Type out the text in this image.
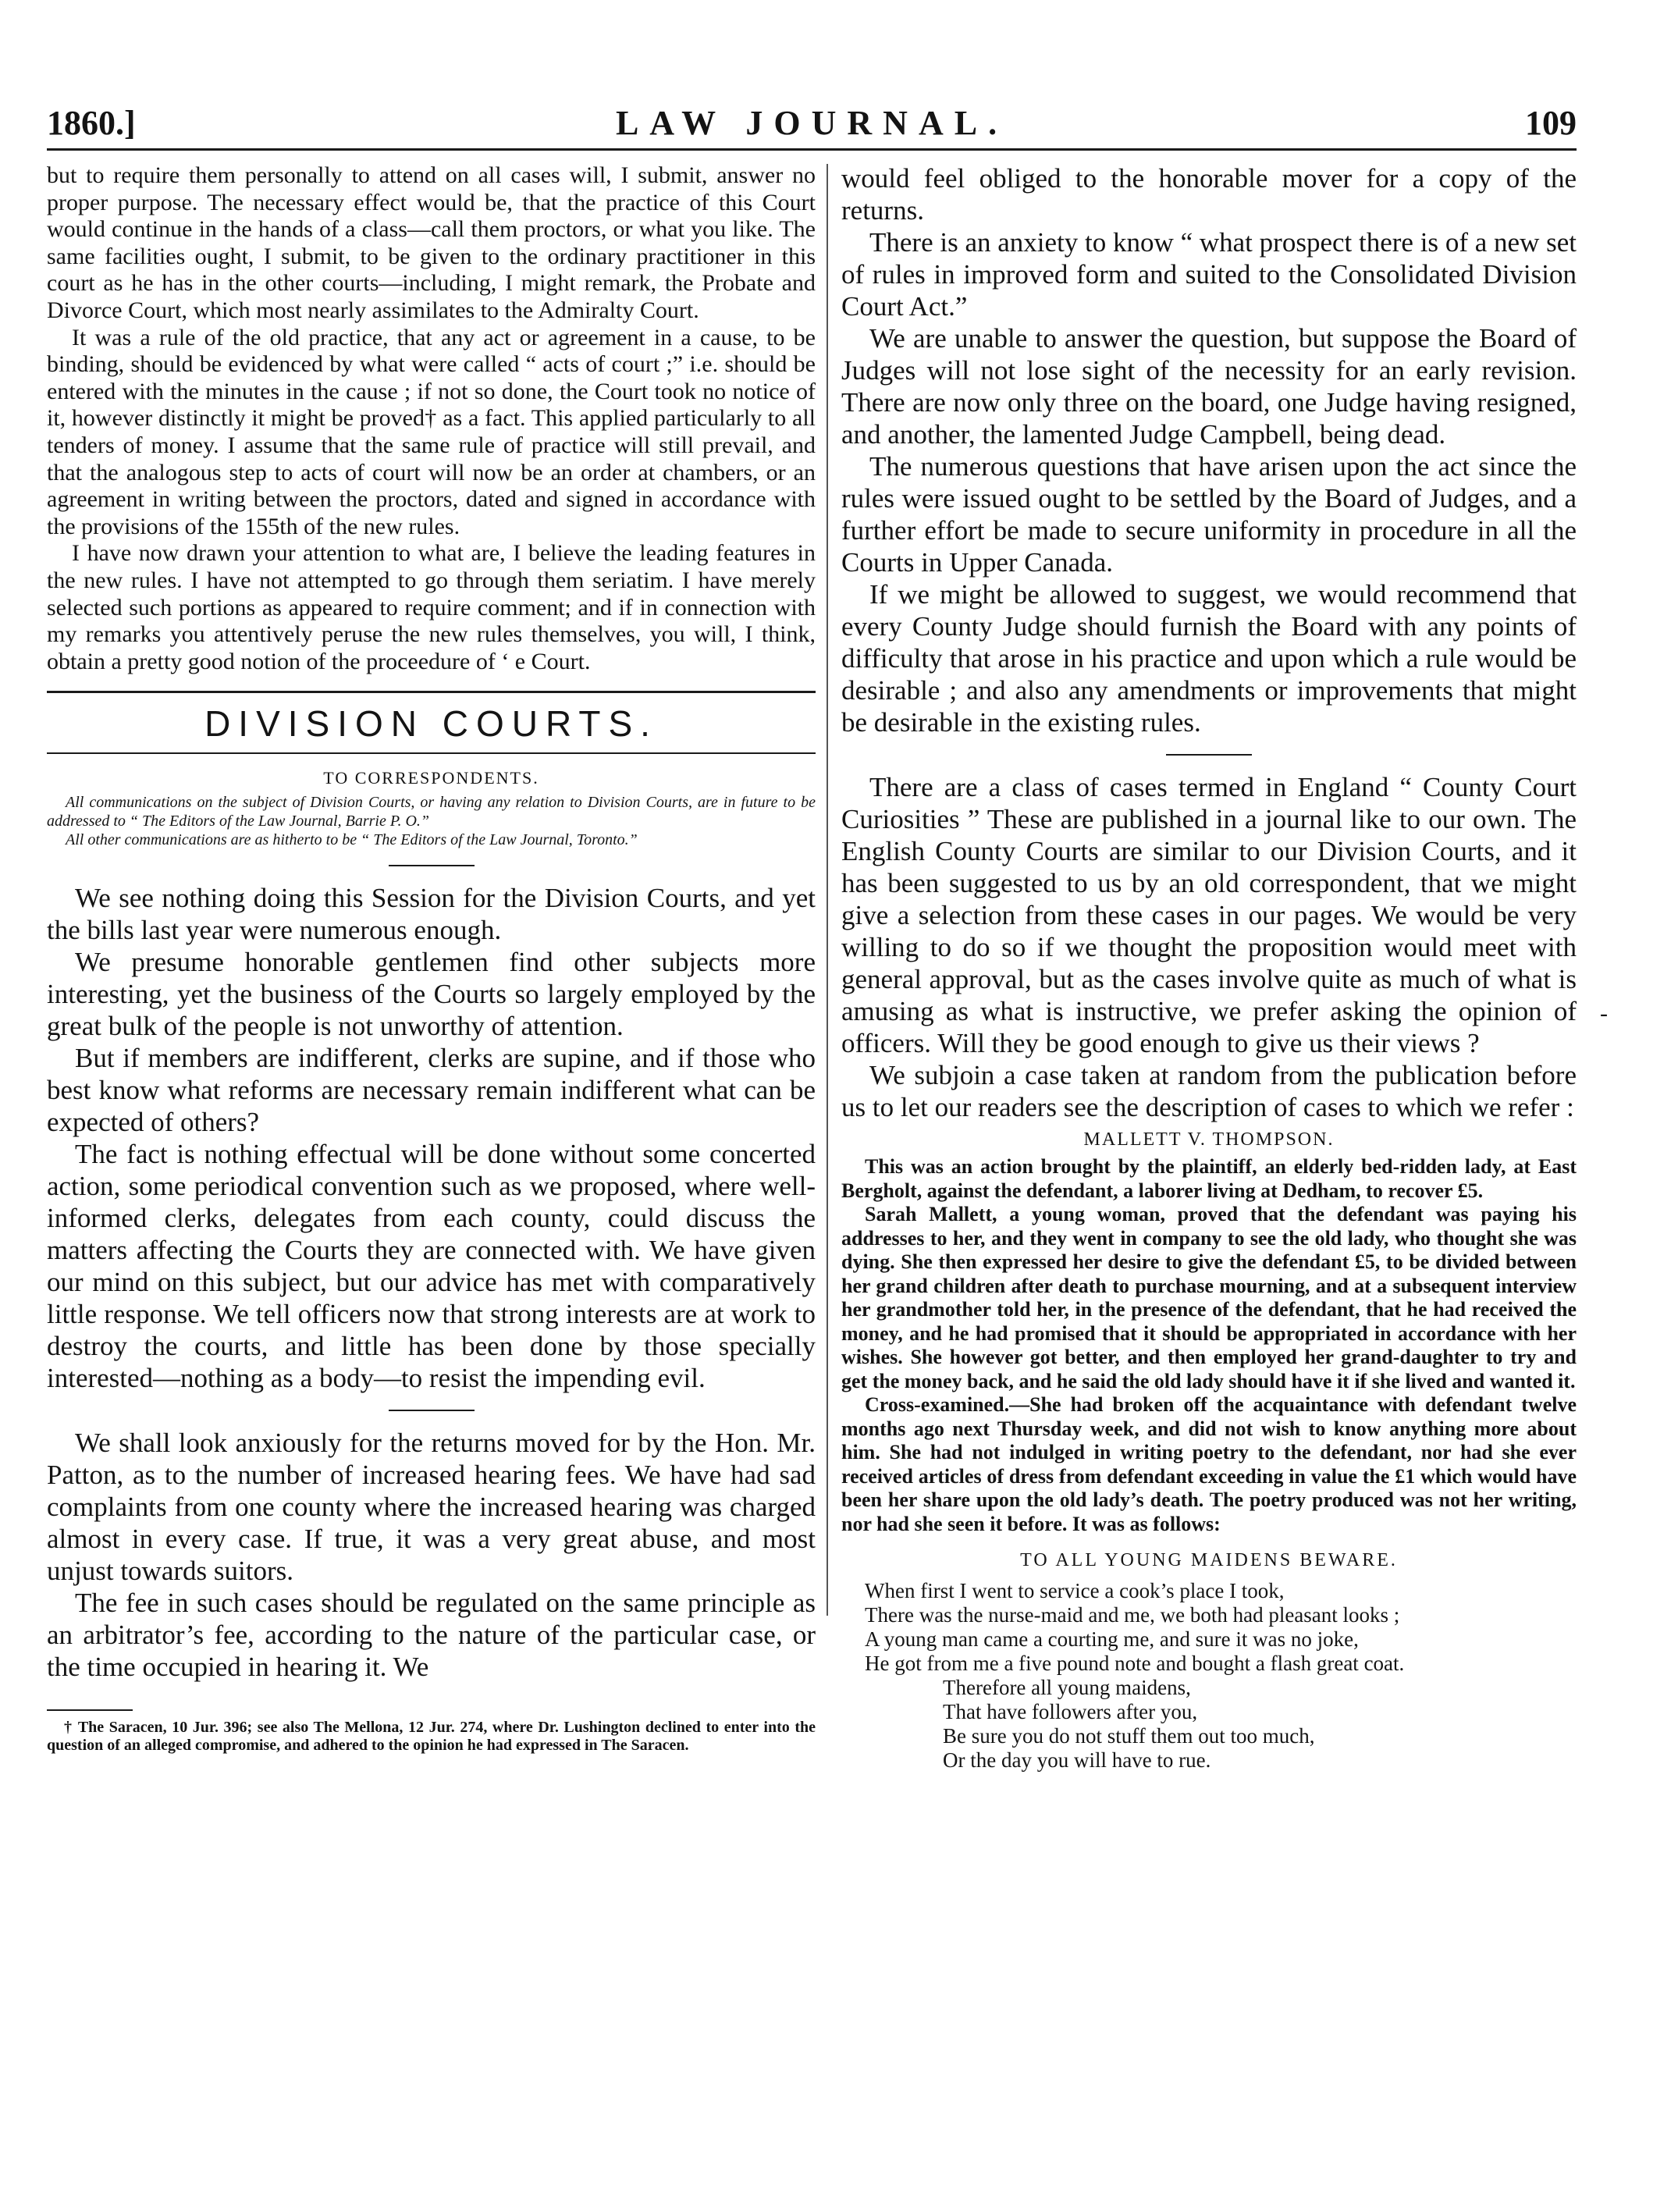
1860.]	LAW JOURNAL.	109

but to require them personally to attend on all cases will, I submit, answer no proper purpose. The necessary effect would be, that the practice of this Court would continue in the hands of a class—call them proctors, or what you like. The same facilities ought, I submit, to be given to the ordinary practitioner in this court as he has in the other courts—including, I might remark, the Probate and Divorce Court, which most nearly assimilates to the Admiralty Court.

It was a rule of the old practice, that any act or agreement in a cause, to be binding, should be evidenced by what were called “ acts of court ;” i.e. should be entered with the minutes in the cause ; if not so done, the Court took no notice of it, however distinctly it might be proved† as a fact. This applied particularly to all tenders of money. I assume that the same rule of practice will still prevail, and that the analogous step to acts of court will now be an order at chambers, or an agreement in writing between the proctors, dated and signed in accordance with the provisions of the 155th of the new rules.

I have now drawn your attention to what are, I believe the leading features in the new rules. I have not attempted to go through them seriatim. I have merely selected such portions as appeared to require comment; and if in connection with my remarks you attentively peruse the new rules themselves, you will, I think, obtain a pretty good notion of the proceedure of ‘ e Court.

DIVISION COURTS.
TO CORRESPONDENTS.

All communications on the subject of Division Courts, or having any relation to Division Courts, are in future to be addressed to “ The Editors of the Law Journal, Barrie P. O.”

All other communications are as hitherto to be “ The Editors of the Law Journal, Toronto.”

We see nothing doing this Session for the Division Courts, and yet the bills last year were numerous enough.

We presume honorable gentlemen find other subjects more interesting, yet the business of the Courts so largely employed by the great bulk of the people is not unworthy of attention.

But if members are indifferent, clerks are supine, and if those who best know what reforms are necessary remain indifferent what can be expected of others?

The fact is nothing effectual will be done without some concerted action, some periodical convention such as we proposed, where well-informed clerks, delegates from each county, could discuss the matters affecting the Courts they are connected with. We have given our mind on this subject, but our advice has met with comparatively little response. We tell officers now that strong interests are at work to destroy the courts, and little has been done by those specially interested—nothing as a body—to resist the impending evil.

We shall look anxiously for the returns moved for by the Hon. Mr. Patton, as to the number of increased hearing fees. We have had sad complaints from one county where the increased hearing was charged almost in every case. If true, it was a very great abuse, and most unjust towards suitors.

The fee in such cases should be regulated on the same principle as an arbitrator’s fee, according to the nature of the particular case, or the time occupied in hearing it. We

† The Saracen, 10 Jur. 396; see also The Mellona, 12 Jur. 274, where Dr. Lushington declined to enter into the question of an alleged compromise, and adhered to the opinion he had expressed in The Saracen.

would feel obliged to the honorable mover for a copy of the returns.

There is an anxiety to know “ what prospect there is of a new set of rules in improved form and suited to the Consolidated Division Court Act.”

We are unable to answer the question, but suppose the Board of Judges will not lose sight of the necessity for an early revision. There are now only three on the board, one Judge having resigned, and another, the lamented Judge Campbell, being dead.

The numerous questions that have arisen upon the act since the rules were issued ought to be settled by the Board of Judges, and a further effort be made to secure uniformity in procedure in all the Courts in Upper Canada.

If we might be allowed to suggest, we would recommend that every County Judge should furnish the Board with any points of difficulty that arose in his practice and upon which a rule would be desirable ; and also any amendments or improvements that might be desirable in the existing rules.

There are a class of cases termed in England “ County Court Curiosities ” These are published in a journal like to our own. The English County Courts are similar to our Division Courts, and it has been suggested to us by an old correspondent, that we might give a selection from these cases in our pages. We would be very willing to do so if we thought the proposition would meet with general approval, but as the cases involve quite as much of what is amusing as what is instructive, we prefer asking the opinion of officers. Will they be good enough to give us their views ?

We subjoin a case taken at random from the publication before us to let our readers see the description of cases to which we refer :

MALLETT V. THOMPSON.

This was an action brought by the plaintiff, an elderly bed-ridden lady, at East Bergholt, against the defendant, a laborer living at Dedham, to recover £5.

Sarah Mallett, a young woman, proved that the defendant was paying his addresses to her, and they went in company to see the old lady, who thought she was dying. She then expressed her desire to give the defendant £5, to be divided between her grand children after death to purchase mourning, and at a subsequent interview her grandmother told her, in the presence of the defendant, that he had received the money, and he had promised that it should be appropriated in accordance with her wishes. She however got better, and then employed her grand-daughter to try and get the money back, and he said the old lady should have it if she lived and wanted it.

Cross-examined.—She had broken off the acquaintance with defendant twelve months ago next Thursday week, and did not wish to know anything more about him. She had not indulged in writing poetry to the defendant, nor had she ever received articles of dress from defendant exceeding in value the £1 which would have been her share upon the old lady’s death. The poetry produced was not her writing, nor had she seen it before. It was as follows:

TO ALL YOUNG MAIDENS BEWARE.
When first I went to service a cook’s place I took,
There was the nurse-maid and me, we both had pleasant looks ;
A young man came a courting me, and sure it was no joke,
He got from me a five pound note and bought a flash great coat.
Therefore all young maidens,
That have followers after you,
Be sure you do not stuff them out too much,
Or the day you will have to rue.
-
